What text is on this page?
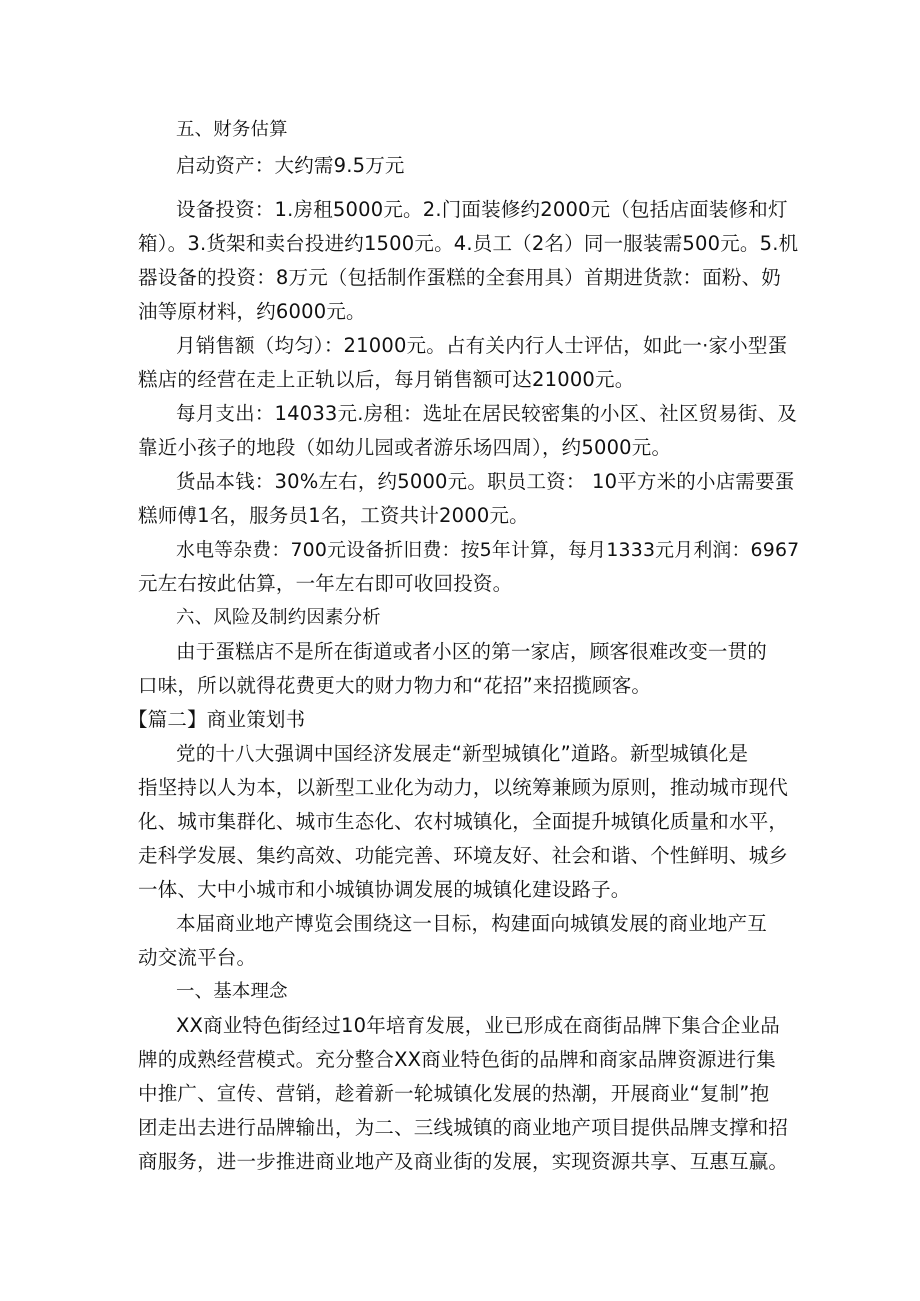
五、财务估算
启动资产：大约需9.5万元
设备投资：1.房租5000元。2.门面装修约2000元（包括店面装修和灯
箱）。3.货架和卖台投进约1500元。4.员工（2名）同一服装需500元。5.机
器设备的投资：8万元（包括制作蛋糕的全套用具）首期进货款：面粉、奶
油等原材料，约6000元。
月销售额（均匀）：21000元。占有关内行人士评估，如此一·家小型蛋
糕店的经营在走上正轨以后，每月销售额可达21000元。
每月支出：14033元.房租：选址在居民较密集的小区、社区贸易街、及
靠近小孩子的地段（如幼儿园或者游乐场四周），约5000元。
货品本钱：30%左右，约5000元。职员工资： 10平方米的小店需要蛋
糕师傅1名，服务员1名，工资共计2000元。
水电等杂费：700元设备折旧费：按5年计算，每月1333元月利润：6967
元左右按此估算，一年左右即可收回投资。
六、风险及制约因素分析
由于蛋糕店不是所在街道或者小区的第一家店，顾客很难改变一贯的
口味，所以就得花费更大的财力物力和“花招”来招揽顾客。
【篇二】商业策划书
党的十八大强调中国经济发展走“新型城镇化”道路。新型城镇化是
指坚持以人为本，以新型工业化为动力，以统筹兼顾为原则，推动城市现代
化、城市集群化、城市生态化、农村城镇化，全面提升城镇化质量和水平，
走科学发展、集约高效、功能完善、环境友好、社会和谐、个性鲜明、城乡
一体、大中小城市和小城镇协调发展的城镇化建设路子。
本届商业地产博览会围绕这一目标，构建面向城镇发展的商业地产互
动交流平台。
一、基本理念
XX商业特色街经过10年培育发展，业已形成在商街品牌下集合企业品
牌的成熟经营模式。充分整合XX商业特色街的品牌和商家品牌资源进行集
中推广、宣传、营销，趁着新一轮城镇化发展的热潮，开展商业“复制”抱
团走出去进行品牌输出，为二、三线城镇的商业地产项目提供品牌支撑和招
商服务，进一步推进商业地产及商业街的发展，实现资源共享、互惠互赢。
